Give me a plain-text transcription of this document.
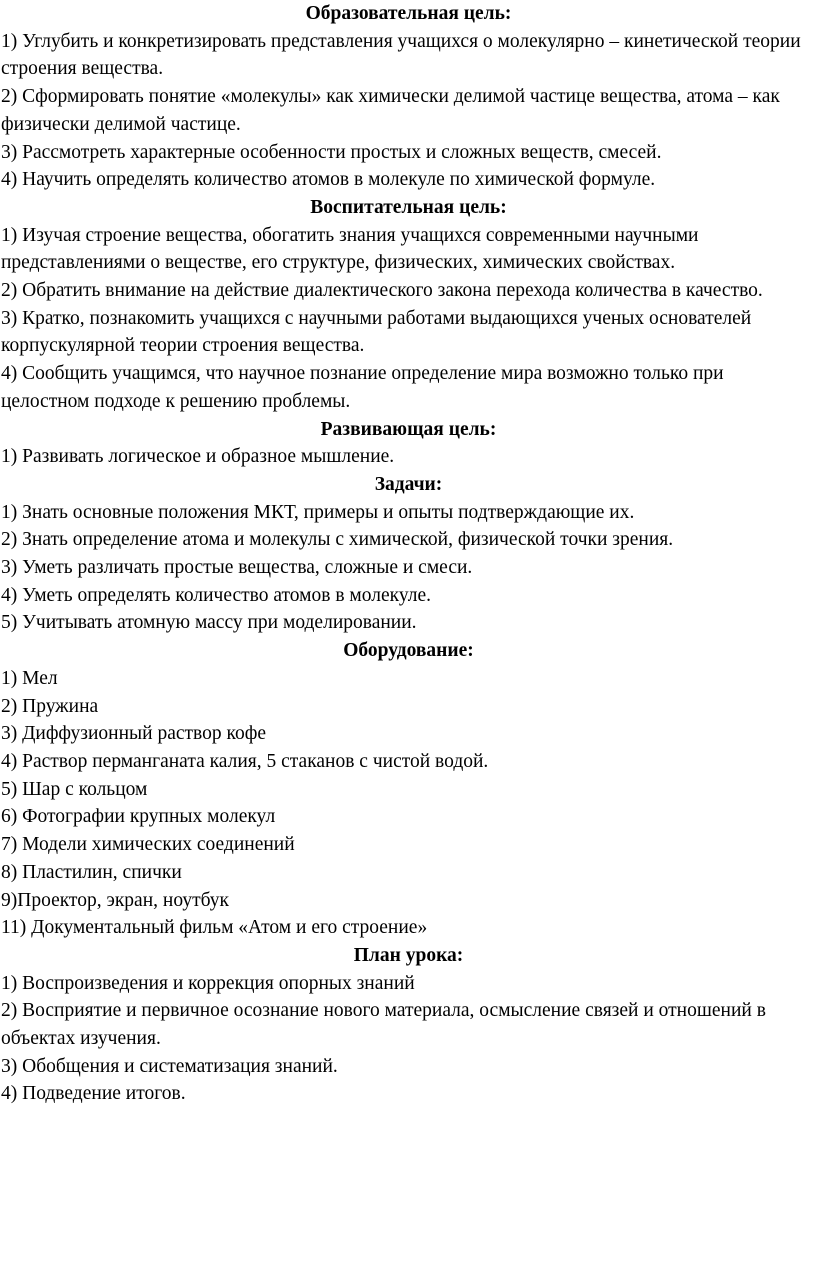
Образовательная цель:

1) Углубить и конкретизировать представления учащихся о молекулярно – кинетической теории строения вещества.

2) Сформировать понятие «молекулы» как химически делимой частице вещества, атома – как физически делимой частице.

3) Рассмотреть характерные особенности простых и сложных веществ, смесей.

4) Научить определять количество атомов в молекуле по химической формуле.

Воспитательная цель:

1) Изучая строение вещества, обогатить знания учащихся современными научными представлениями о веществе, его структуре, физических, химических свойствах.

2) Обратить внимание на действие диалектического закона перехода количества в качество.

3) Кратко, познакомить учащихся с научными работами выдающихся ученых основателей корпускулярной теории строения вещества.

4) Сообщить учащимся, что научное познание определение мира возможно только при целостном подходе к решению проблемы.

Развивающая цель:

1) Развивать логическое и образное мышление.

Задачи:

1) Знать основные положения МКТ, примеры и опыты подтверждающие их.

2) Знать определение атома и молекулы с химической, физической точки зрения.

3) Уметь различать простые вещества, сложные и смеси.

4) Уметь определять количество атомов в молекуле.

5) Учитывать атомную массу при моделировании.

Оборудование:

1) Мел

2) Пружина

3) Диффузионный раствор кофе

4) Раствор перманганата калия, 5 стаканов с чистой водой.

5) Шар с кольцом

6) Фотографии крупных молекул

7) Модели химических соединений

8) Пластилин, спички

9)Проектор, экран, ноутбук

11) Документальный фильм «Атом и его строение»

План урока:

1) Воспроизведения и коррекция опорных знаний

2) Восприятие и первичное осознание нового материала, осмысление связей и отношений в объектах изучения.

3) Обобщения и систематизация знаний.

4) Подведение итогов.
